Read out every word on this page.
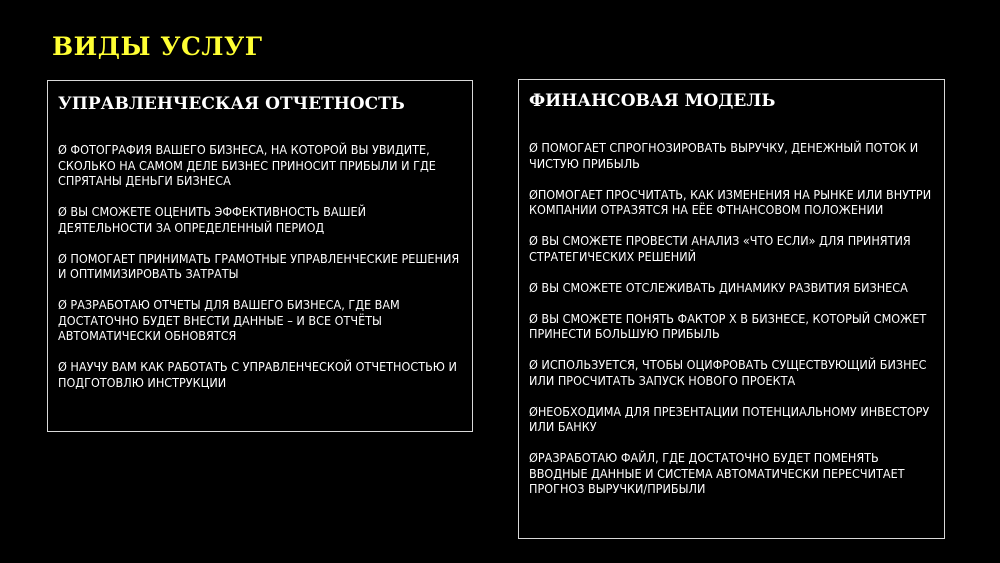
ВИДЫ УСЛУГ
УПРАВЛЕНЧЕСКАЯ ОТЧЕТНОСТЬ
Ø ФОТОГРАФИЯ ВАШЕГО БИЗНЕСА, НА КОТОРОЙ ВЫ УВИДИТЕ, СКОЛЬКО НА САМОМ ДЕЛЕ БИЗНЕС ПРИНОСИТ ПРИБЫЛИ И ГДЕ СПРЯТАНЫ ДЕНЬГИ БИЗНЕСА
Ø ВЫ СМОЖЕТЕ ОЦЕНИТЬ ЭФФЕКТИВНОСТЬ ВАШЕЙ ДЕЯТЕЛЬНОСТИ ЗА ОПРЕДЕЛЕННЫЙ ПЕРИОД
Ø ПОМОГАЕТ ПРИНИМАТЬ ГРАМОТНЫЕ УПРАВЛЕНЧЕСКИЕ РЕШЕНИЯ И ОПТИМИЗИРОВАТЬ ЗАТРАТЫ
Ø РАЗРАБОТАЮ ОТЧЕТЫ ДЛЯ ВАШЕГО БИЗНЕСА, ГДЕ ВАМ ДОСТАТОЧНО БУДЕТ ВНЕСТИ ДАННЫЕ – И ВСЕ ОТЧЁТЫ АВТОМАТИЧЕСКИ ОБНОВЯТСЯ
Ø НАУЧУ ВАМ КАК РАБОТАТЬ С УПРАВЛЕНЧЕСКОЙ ОТЧЕТНОСТЬЮ И ПОДГОТОВЛЮ ИНСТРУКЦИИ
ФИНАНСОВАЯ МОДЕЛЬ
Ø ПОМОГАЕТ СПРОГНОЗИРОВАТЬ ВЫРУЧКУ, ДЕНЕЖНЫЙ ПОТОК И ЧИСТУЮ ПРИБЫЛЬ
ØПОМОГАЕТ ПРОСЧИТАТЬ, КАК ИЗМЕНЕНИЯ НА РЫНКЕ ИЛИ ВНУТРИ КОМПАНИИ ОТРАЗЯТСЯ НА ЕЁЕ ФТНАНСОВОМ ПОЛОЖЕНИИ
Ø ВЫ СМОЖЕТЕ ПРОВЕСТИ АНАЛИЗ «ЧТО ЕСЛИ» ДЛЯ ПРИНЯТИЯ СТРАТЕГИЧЕСКИХ РЕШЕНИЙ
Ø ВЫ СМОЖЕТЕ ОТСЛЕЖИВАТЬ ДИНАМИКУ РАЗВИТИЯ БИЗНЕСА
Ø ВЫ СМОЖЕТЕ ПОНЯТЬ ФАКТОР Х В БИЗНЕСЕ, КОТОРЫЙ СМОЖЕТ ПРИНЕСТИ БОЛЬШУЮ ПРИБЫЛЬ
Ø ИСПОЛЬЗУЕТСЯ, ЧТОБЫ ОЦИФРОВАТЬ СУЩЕСТВУЮЩИЙ БИЗНЕС ИЛИ ПРОСЧИТАТЬ ЗАПУСК НОВОГО ПРОЕКТА
ØНЕОБХОДИМА ДЛЯ ПРЕЗЕНТАЦИИ ПОТЕНЦИАЛЬНОМУ ИНВЕСТОРУ ИЛИ БАНКУ
ØРАЗРАБОТАЮ ФАЙЛ, ГДЕ ДОСТАТОЧНО БУДЕТ ПОМЕНЯТЬ ВВОДНЫЕ ДАННЫЕ И СИСТЕМА АВТОМАТИЧЕСКИ ПЕРЕСЧИТАЕТ ПРОГНОЗ ВЫРУЧКИ/ПРИБЫЛИ
